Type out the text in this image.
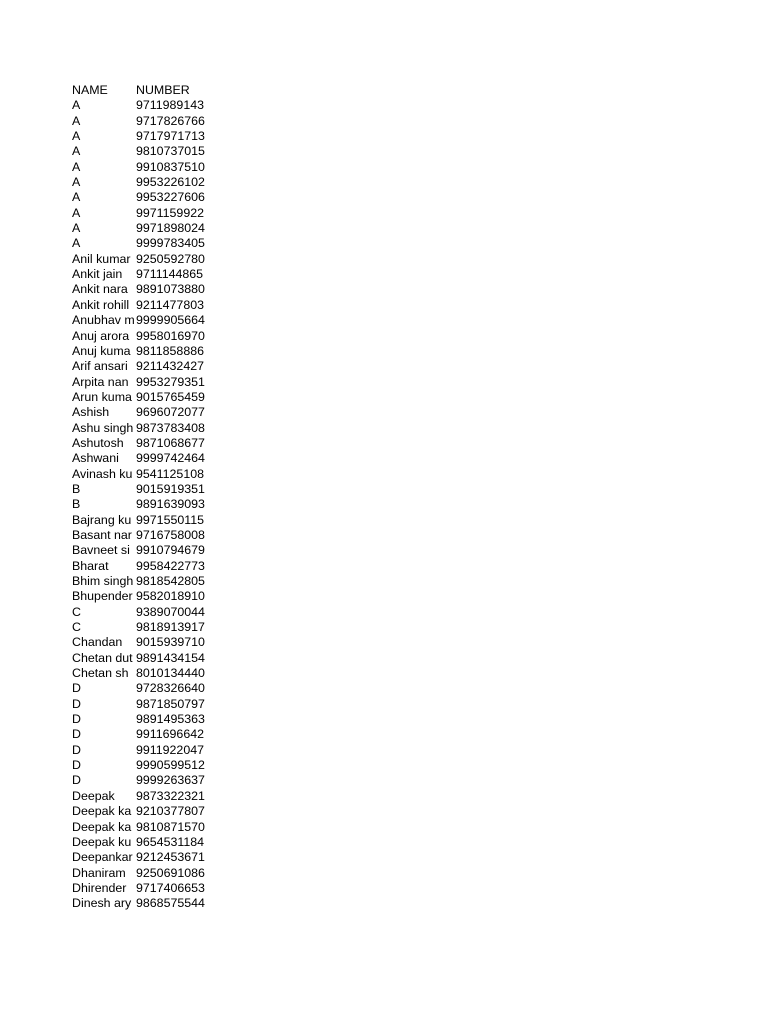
NAME	NUMBER
A	9711989143
A	9717826766
A	9717971713
A	9810737015
A	9910837510
A	9953226102
A	9953227606
A	9971159922
A	9971898024
A	9999783405
Anil kumar 9250592780
Ankit jain	9711144865
Ankit nara 9891073880
Ankit rohill 9211477803
Anubhav m 9999905664
Anuj arora 9958016970
Anuj kuma 9811858886
Arif ansari 9211432427
Arpita nan 9953279351
Arun kuma 9015765459
Ashish	9696072077
Ashu singh 9873783408
Ashutosh 9871068677
Ashwani	9999742464
Avinash ku 9541125108
B	9015919351
B	9891639093
Bajrang ku 9971550115
Basant nar 9716758008
Bavneet si 9910794679
Bharat	9958422773
Bhim singh 9818542805
Bhupender 9582018910
C	9389070044
C	9818913917
Chandan	9015939710
Chetan dut 9891434154
Chetan sh 8010134440
D	9728326640
D	9871850797
D	9891495363
D	9911696642
D	9911922047
D	9990599512
D	9999263637
Deepak	9873322321
Deepak ka 9210377807
Deepak ka 9810871570
Deepak ku 9654531184
Deepankar 9212453671
Dhaniram 9250691086
Dhirender 9717406653
Dinesh ary 9868575544
